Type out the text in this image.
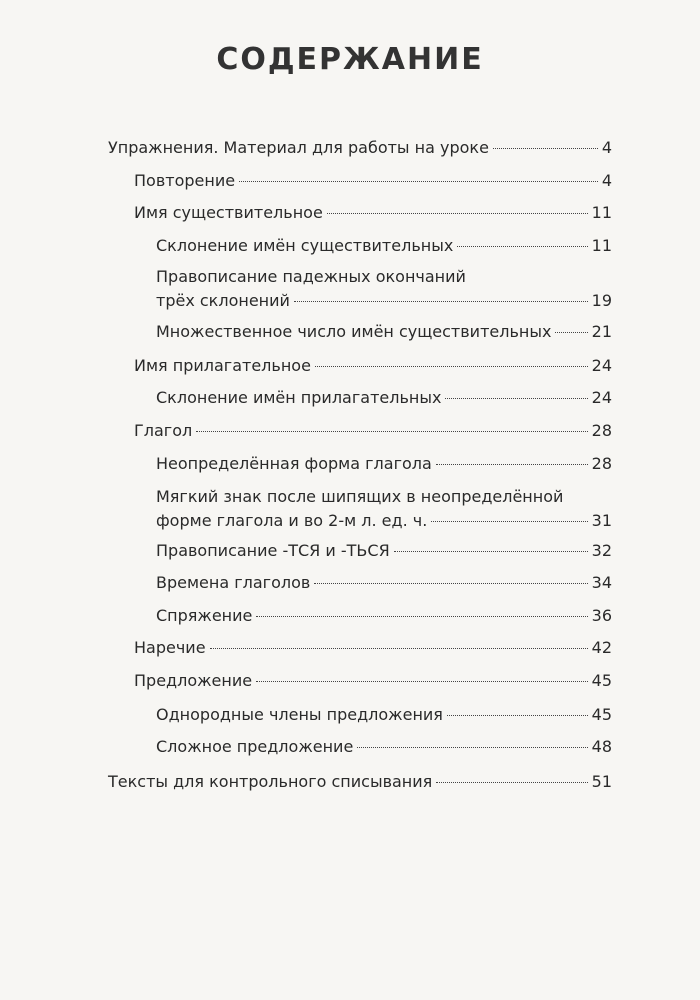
СОДЕРЖАНИЕ
Упражнения. Материал для работы на уроке	4
Повторение	4
Имя существительное	11
Склонение имён существительных	11
Правописание падежных окончаний
трёх склонений	19
Множественное число имён существительных	21
Имя прилагательное	24
Склонение имён прилагательных	24
Глагол	28
Неопределённая форма глагола	28
Мягкий знак после шипящих в неопределённой
форме глагола и во 2-м л. ед. ч.	31
Правописание -ТСЯ и -ТЬСЯ	32
Времена глаголов	34
Спряжение	36
Наречие	42
Предложение	45
Однородные члены предложения	45
Сложное предложение	48
Тексты для контрольного списывания	51
